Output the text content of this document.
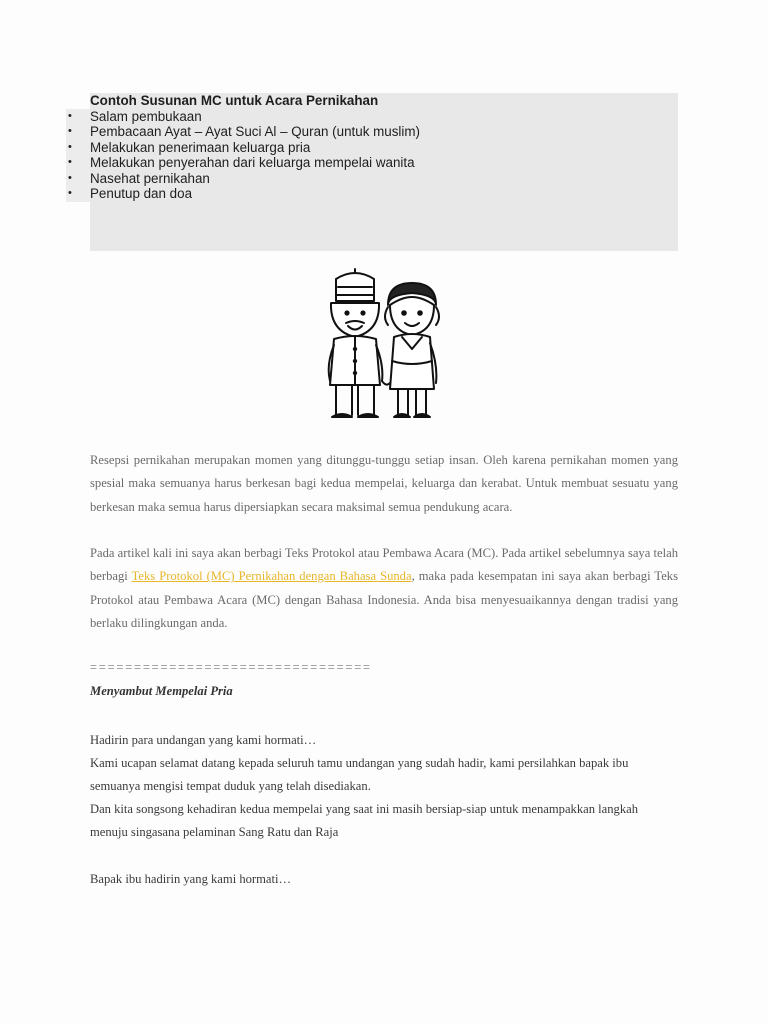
Contoh Susunan MC untuk Acara Pernikahan
• Salam pembukaan
• Pembacaan Ayat – Ayat Suci Al – Quran (untuk muslim)
• Melakukan penerimaan keluarga pria
• Melakukan penyerahan dari keluarga mempelai wanita
• Nasehat pernikahan
• Penutup dan doa

Resepsi pernikahan merupakan momen yang ditunggu-tunggu setiap insan. Oleh karena pernikahan momen yang spesial maka semuanya harus berkesan bagi kedua mempelai, keluarga dan kerabat. Untuk membuat sesuatu yang berkesan maka semua harus dipersiapkan secara maksimal semua pendukung acara.

Pada artikel kali ini saya akan berbagi Teks Protokol atau Pembawa Acara (MC). Pada artikel sebelumnya saya telah berbagi Teks Protokol (MC) Pernikahan dengan Bahasa Sunda, maka pada kesempatan ini saya akan berbagi Teks Protokol atau Pembawa Acara (MC) dengan Bahasa Indonesia. Anda bisa menyesuaikannya dengan tradisi yang berlaku dilingkungan anda.

================================
Menyambut Mempelai Pria

Hadirin para undangan yang kami hormati…

Kami ucapan selamat datang kepada seluruh tamu undangan yang sudah hadir, kami persilahkan bapak ibu semuanya mengisi tempat duduk yang telah disediakan.

Dan kita songsong kehadiran kedua mempelai yang saat ini masih bersiap-siap untuk menampakkan langkah menuju singasana pelaminan Sang Ratu dan Raja

Bapak ibu hadirin yang kami hormati…
